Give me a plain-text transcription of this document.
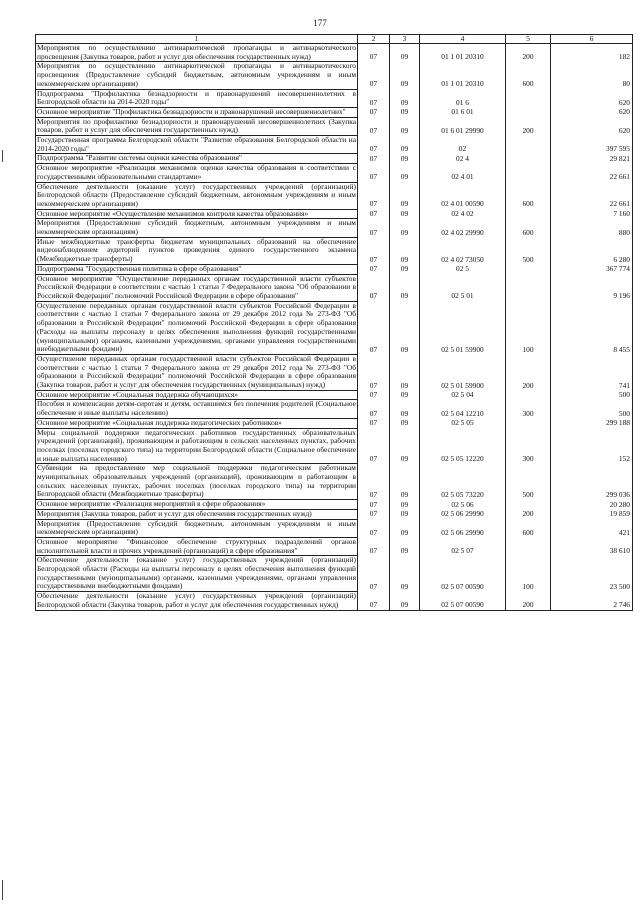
177
1	2	3	4	5	6
Мероприятия по осуществлению антинаркотической пропаганды и антинаркотического просвещения (Закупка товаров, работ и услуг для обеспечения государственных нужд)	07	09	01 1 01 20310	200	182
Мероприятия по осуществлению антинаркотической пропаганды и антинаркотического просвещения (Предоставление субсидий бюджетным, автономным учреждениям и иным некоммерческим организациям)	07	09	01 1 01 20310	600	80
Подпрограмма "Профилактика безнадзорности и правонарушений несовершеннолетних в Белгородской области на 2014-2020 годы"	07	09	01 6		620
Основное мероприятие "Профилактика безнадзорности и правонарушений несовершеннолетних"	07	09	01 6 01		620
Мероприятия по профилактике безнадзорности и правонарушений несовершеннолетних (Закупка товаров, работ и услуг для обеспечения государственных нужд)	07	09	01 6 01 29990	200	620
Государственная программа Белгородской области "Развитие образования Белгородской области на 2014-2020 годы"	07	09	02		397 595
Подпрограмма "Развитие системы оценки качества образования"	07	09	02 4		29 821
Основное мероприятие «Реализация механизмов оценки качества образования в соответствии с государственными образовательными стандартами»	07	09	02 4 01		22 661
Обеспечение деятельности (оказание услуг) государственных учреждений (организаций) Белгородской области (Предоставление субсидий бюджетным, автономным учреждениям и иным некоммерческим организациям)	07	09	02 4 01 00590	600	22 661
Основное мероприятие «Осуществление механизмов контроля качества образования»	07	09	02 4 02		7 160
Мероприятия (Предоставление субсидий бюджетным, автономным учреждениям и иным некоммерческим организациям)	07	09	02 4 02 29990	600	880
Иные межбюджетные трансферты бюджетам муниципальных образований на обеспечение видеонаблюдением аудиторий пунктов проведения единого государственного экзамена (Межбюджетные трансферты)	07	09	02 4 02 73050	500	6 280
Подпрограмма "Государственная политика в сфере образования"	07	09	02 5		367 774
Основное мероприятие "Осуществление переданных органам государственной власти субъектов Российской Федерации в соответствии с частью 1 статьи 7 Федерального закона "Об образовании в Российской Федерации" полномочий Российской Федерации в сфере образования"	07	09	02 5 01		9 196
Осуществление переданных органам государственной власти субъектов Российской Федерации в соответствии с частью 1 статьи 7 Федерального закона от 29 декабря 2012 года № 273-ФЗ "Об образовании в Российской Федерации" полномочий Российской Федерации в сфере образования (Расходы на выплаты персоналу в целях обеспечения выполнения функций государственными (муниципальными) органами, казенными учреждениями, органами управления государственными внебюджетными фондами)	07	09	02 5 01 59900	100	8 455
Осуществление переданных органам государственной власти субъектов Российской Федерации в соответствии с частью 1 статьи 7 Федерального закона от 29 декабря 2012 года № 273-ФЗ "Об образовании в Российской Федерации" полномочий Российской Федерации в сфере образования (Закупка товаров, работ и услуг для обеспечения государственных (муниципальных) нужд)	07	09	02 5 01 59900	200	741
Основное мероприятие «Социальная поддержка обучающихся»	07	09	02 5 04		500
Пособия и компенсации детям-сиротам и детям, оставшимся без попечения родителей (Социальное обеспечение и иные выплаты населению)	07	09	02 5 04 12210	300	500
Основное мероприятие «Социальная поддержка педагогических работников»	07	09	02 5 05		299 188
Меры социальной поддержки педагогических работников государственных образовательных учреждений (организаций), проживающим и работающим в сельских населенных пунктах, рабочих поселках (поселках городского типа) на территории Белгородской области (Социальное обеспечение и иные выплаты населению)	07	09	02 5 05 12220	300	152
Субвенции на предоставление мер социальной поддержки педагогическим работникам муниципальных образовательных учреждений (организаций), проживающим и работающим в сельских населенных пунктах, рабочих поселках (поселках городского типа) на территории Белгородской области (Межбюджетные трансферты)	07	09	02 5 05 73220	500	299 036
Основное мероприятие «Реализация мероприятий в сфере образования»	07	09	02 5 06		20 280
Мероприятия (Закупка товаров, работ и услуг для обеспечения государственных нужд)	07	09	02 5 06 29990	200	19 859
Мероприятия (Предоставление субсидий бюджетным, автономным учреждениям и иным некоммерческим организациям)	07	09	02 5 06 29990	600	421
Основное мероприятие "Финансовое обеспечение структурных подразделений органов исполнительной власти и прочих учреждений (организаций) в сфере образования"	07	09	02 5 07		38 610
Обеспечение деятельности (оказание услуг) государственных учреждений (организаций) Белгородской области (Расходы на выплаты персоналу в целях обеспечения выполнения функций государственными (муниципальными) органами, казенными учреждениями, органами управления государственными внебюджетными фондами)	07	09	02 5 07 00590	100	23 500
Обеспечение деятельности (оказание услуг) государственных учреждений (организаций) Белгородской области (Закупка товаров, работ и услуг для обеспечения государственных нужд)	07	09	02 5 07 00590	200	2 746
